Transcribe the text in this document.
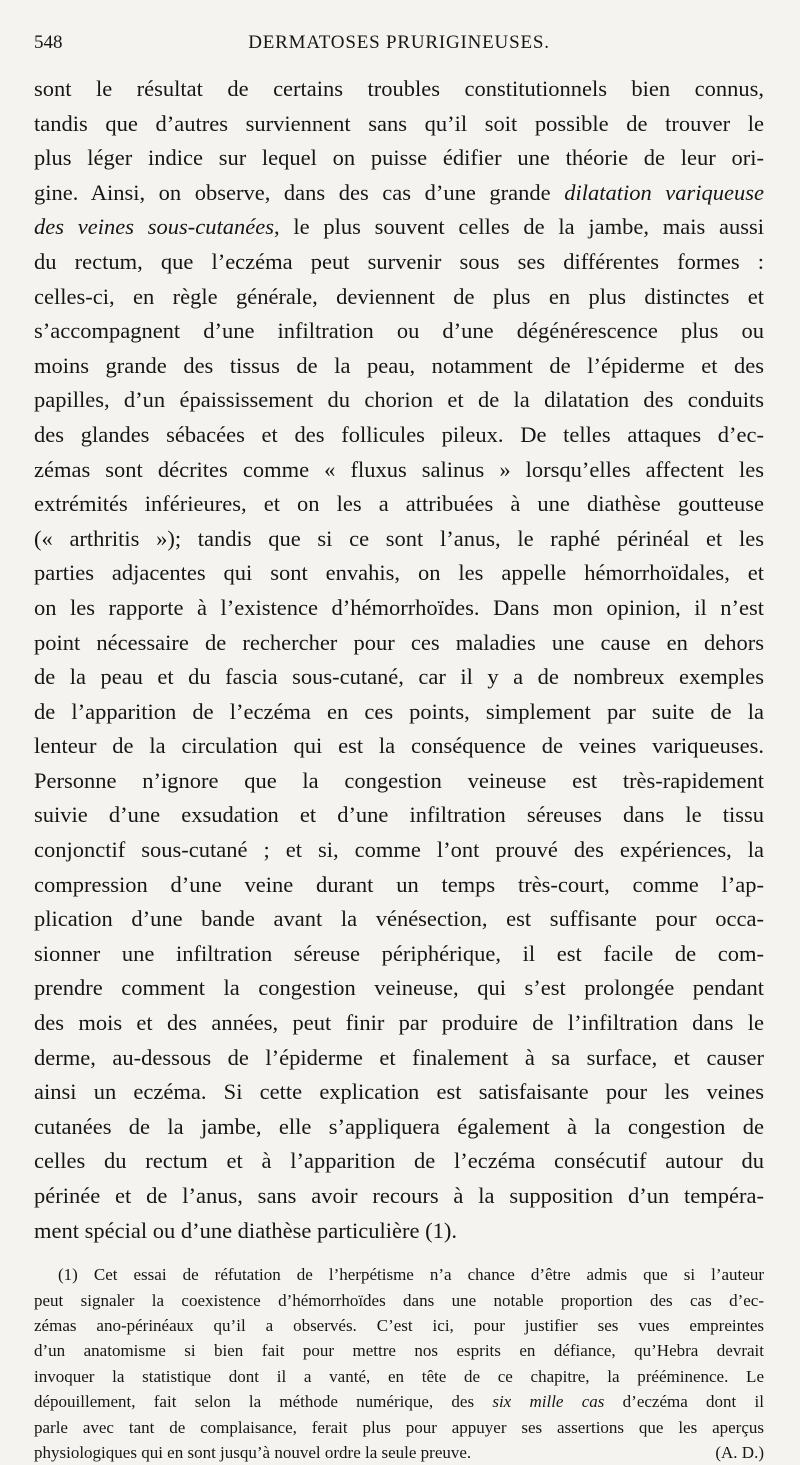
548	DERMATOSES PRURIGINEUSES.
sont le résultat de certains troubles constitutionnels bien connus,
tandis que d’autres surviennent sans qu’il soit possible de trouver le
plus léger indice sur lequel on puisse édifier une théorie de leur ori-
gine. Ainsi, on observe, dans des cas d’une grande dilatation variqueuse
des veines sous-cutanées, le plus souvent celles de la jambe, mais aussi
du rectum, que l’eczéma peut survenir sous ses différentes formes :
celles-ci, en règle générale, deviennent de plus en plus distinctes et
s’accompagnent d’une infiltration ou d’une dégénérescence plus ou
moins grande des tissus de la peau, notamment de l’épiderme et des
papilles, d’un épaississement du chorion et de la dilatation des conduits
des glandes sébacées et des follicules pileux. De telles attaques d’ec-
zémas sont décrites comme « fluxus salinus » lorsqu’elles affectent les
extrémités inférieures, et on les a attribuées à une diathèse goutteuse
(« arthritis »); tandis que si ce sont l’anus, le raphé périnéal et les
parties adjacentes qui sont envahis, on les appelle hémorrhoïdales, et
on les rapporte à l’existence d’hémorrhoïdes. Dans mon opinion, il n’est
point nécessaire de rechercher pour ces maladies une cause en dehors
de la peau et du fascia sous-cutané, car il y a de nombreux exemples
de l’apparition de l’eczéma en ces points, simplement par suite de la
lenteur de la circulation qui est la conséquence de veines variqueuses.
Personne n’ignore que la congestion veineuse est très-rapidement
suivie d’une exsudation et d’une infiltration séreuses dans le tissu
conjonctif sous-cutané ; et si, comme l’ont prouvé des expériences, la
compression d’une veine durant un temps très-court, comme l’ap-
plication d’une bande avant la vénésection, est suffisante pour occa-
sionner une infiltration séreuse périphérique, il est facile de com-
prendre comment la congestion veineuse, qui s’est prolongée pendant
des mois et des années, peut finir par produire de l’infiltration dans le
derme, au-dessous de l’épiderme et finalement à sa surface, et causer
ainsi un eczéma. Si cette explication est satisfaisante pour les veines
cutanées de la jambe, elle s’appliquera également à la congestion de
celles du rectum et à l’apparition de l’eczéma consécutif autour du
périnée et de l’anus, sans avoir recours à la supposition d’un tempéra-
ment spécial ou d’une diathèse particulière (1).
(1) Cet essai de réfutation de l’herpétisme n’a chance d’être admis que si l’auteur
peut signaler la coexistence d’hémorrhoïdes dans une notable proportion des cas d’ec-
zémas ano-périnéaux qu’il a observés. C’est ici, pour justifier ses vues empreintes
d’un anatomisme si bien fait pour mettre nos esprits en défiance, qu’Hebra devrait
invoquer la statistique dont il a vanté, en tête de ce chapitre, la prééminence. Le
dépouillement, fait selon la méthode numérique, des six mille cas d’eczéma dont il
parle avec tant de complaisance, ferait plus pour appuyer ses assertions que les aperçus
physiologiques qui en sont jusqu’à nouvel ordre la seule preuve.	(A. D.)
